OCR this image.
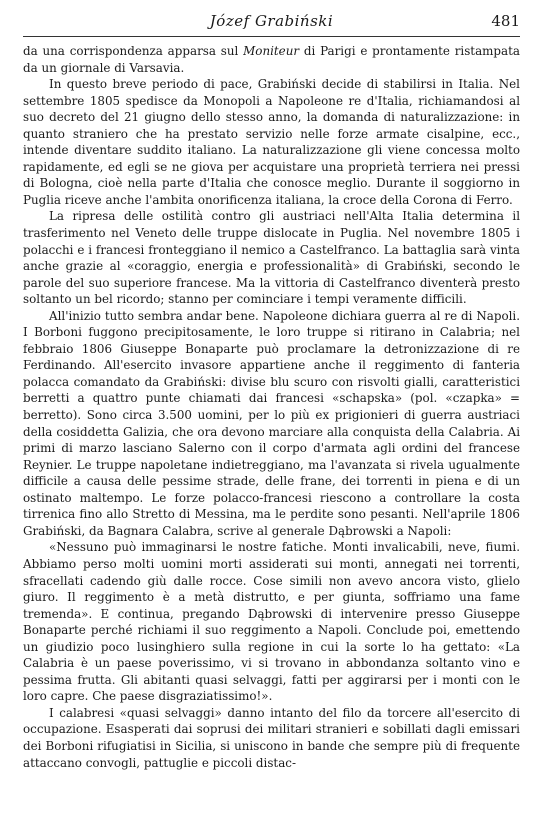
Józef Grabiński	481

da una corrispondenza apparsa sul Moniteur di Parigi e prontamente ristampata da un giornale di Varsavia.

In questo breve periodo di pace, Grabiński decide di stabilirsi in Italia. Nel settembre 1805 spedisce da Monopoli a Napoleone re d'Italia, richiamandosi al suo decreto del 21 giugno dello stesso anno, la domanda di naturalizzazione: in quanto straniero che ha prestato servizio nelle forze armate cisalpine, ecc., intende diventare suddito italiano. La naturalizzazione gli viene concessa molto rapidamente, ed egli se ne giova per acquistare una proprietà terriera nei pressi di Bologna, cioè nella parte d'Italia che conosce meglio. Durante il soggiorno in Puglia riceve anche l'ambita onorificenza italiana, la croce della Corona di Ferro.

La ripresa delle ostilità contro gli austriaci nell'Alta Italia determina il trasferimento nel Veneto delle truppe dislocate in Puglia. Nel novembre 1805 i polacchi e i francesi fronteggiano il nemico a Castelfranco. La battaglia sarà vinta anche grazie al «coraggio, energia e professionalità» di Grabiński, secondo le parole del suo superiore francese. Ma la vittoria di Castelfranco diventerà presto soltanto un bel ricordo; stanno per cominciare i tempi veramente difficili.

All'inizio tutto sembra andar bene. Napoleone dichiara guerra al re di Napoli. I Borboni fuggono precipitosamente, le loro truppe si ritirano in Calabria; nel febbraio 1806 Giuseppe Bonaparte può proclamare la detronizzazione di re Ferdinando. All'esercito invasore appartiene anche il reggimento di fanteria polacca comandato da Grabiński: divise blu scuro con risvolti gialli, caratteristici berretti a quattro punte chiamati dai francesi «schapska» (pol. «czapka» = berretto). Sono circa 3.500 uomini, per lo più ex prigionieri di guerra austriaci della cosiddetta Galizia, che ora devono marciare alla conquista della Calabria. Ai primi di marzo lasciano Salerno con il corpo d'armata agli ordini del francese Reynier. Le truppe napoletane indietreggiano, ma l'avanzata si rivela ugualmente difficile a causa delle pessime strade, delle frane, dei torrenti in piena e di un ostinato maltempo. Le forze polacco-francesi riescono a controllare la costa tirrenica fino allo Stretto di Messina, ma le perdite sono pesanti. Nell'aprile 1806 Grabiński, da Bagnara Calabra, scrive al generale Dąbrowski a Napoli:

«Nessuno può immaginarsi le nostre fatiche. Monti invalicabili, neve, fiumi. Abbiamo perso molti uomini morti assiderati sui monti, annegati nei torrenti, sfracellati cadendo giù dalle rocce. Cose simili non avevo ancora visto, glielo giuro. Il reggimento è a metà distrutto, e per giunta, soffriamo una fame tremenda». E continua, pregando Dąbrowski di intervenire presso Giuseppe Bonaparte perché richiami il suo reggimento a Napoli. Conclude poi, emettendo un giudizio poco lusinghiero sulla regione in cui la sorte lo ha gettato: «La Calabria è un paese poverissimo, vi si trovano in abbondanza soltanto vino e pessima frutta. Gli abitanti quasi selvaggi, fatti per aggirarsi per i monti con le loro capre. Che paese disgraziatissimo!».

I calabresi «quasi selvaggi» danno intanto del filo da torcere all'esercito di occupazione. Esasperati dai soprusi dei militari stranieri e sobillati dagli emissari dei Borboni rifugiatisi in Sicilia, si uniscono in bande che sempre più di frequente attaccano convogli, pattuglie e piccoli distac-
